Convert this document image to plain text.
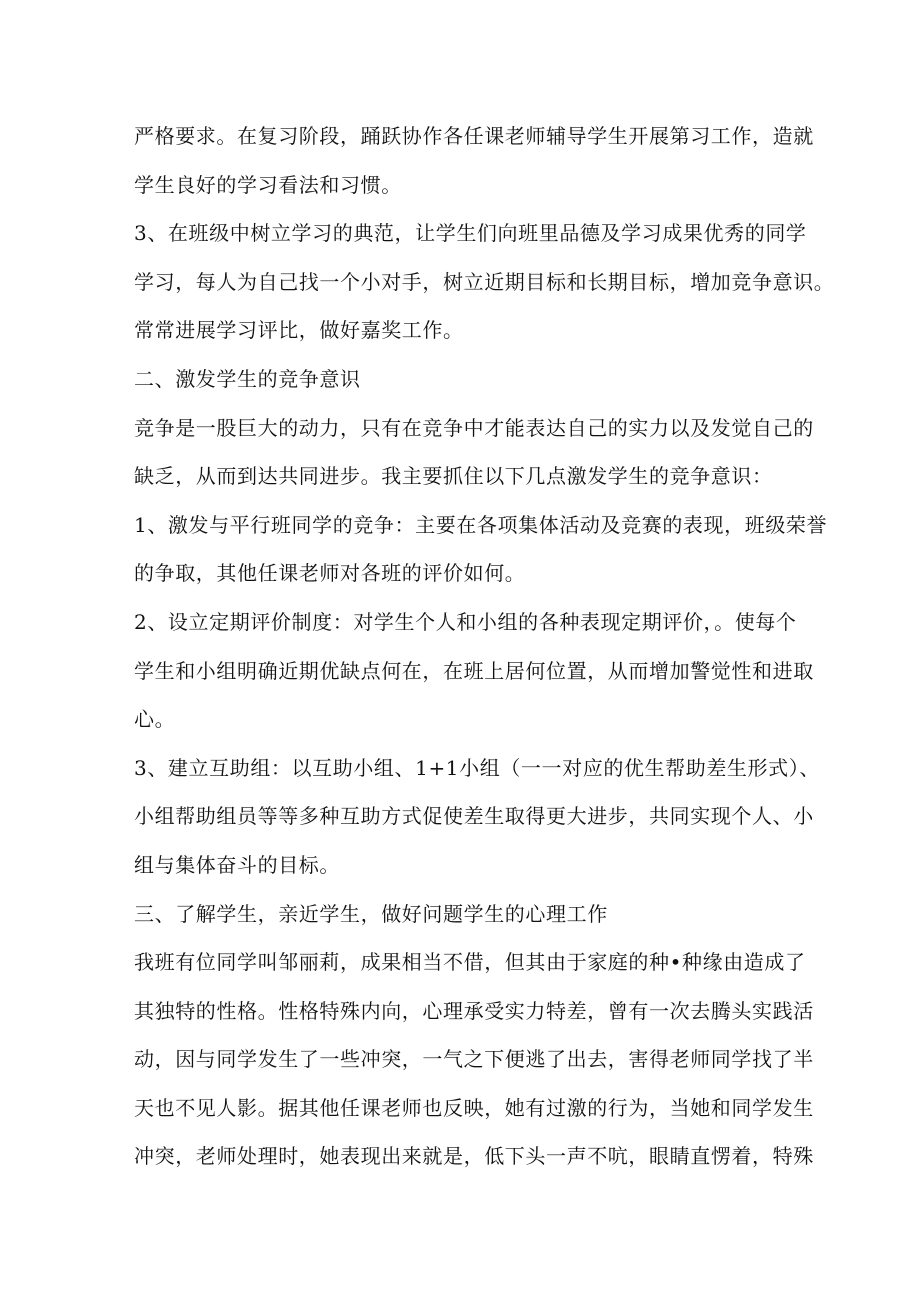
严格要求。在复习阶段，踊跃协作各任课老师辅导学生开展第习工作，造就
学生良好的学习看法和习惯。
3、在班级中树立学习的典范，让学生们向班里品德及学习成果优秀的同学
学习，每人为自己找一个小对手，树立近期目标和长期目标，增加竞争意识。
常常进展学习评比，做好嘉奖工作。
二、激发学生的竞争意识
竞争是一股巨大的动力，只有在竞争中才能表达自己的实力以及发觉自己的
缺乏，从而到达共同进步。我主要抓住以下几点激发学生的竞争意识：
1、激发与平行班同学的竞争：主要在各项集体活动及竞赛的表现，班级荣誉
的争取，其他任课老师对各班的评价如何。
2、设立定期评价制度：对学生个人和小组的各种表现定期评价，。使每个
学生和小组明确近期优缺点何在，在班上居何位置，从而增加警觉性和进取
心。
3、建立互助组：以互助小组、1+1小组（一一对应的优生帮助差生形式）、
小组帮助组员等等多种互助方式促使差生取得更大进步，共同实现个人、小
组与集体奋斗的目标。
三、了解学生，亲近学生，做好问题学生的心理工作
我班有位同学叫邹丽莉，成果相当不借，但其由于家庭的种•种缘由造成了
其独特的性格。性格特殊内向，心理承受实力特差，曾有一次去腾头实践活
动，因与同学发生了一些冲突，一气之下便逃了出去，害得老师同学找了半
天也不见人影。据其他任课老师也反映，她有过激的行为，当她和同学发生
冲突，老师处理时，她表现出来就是，低下头一声不吭，眼睛直愣着，特殊
